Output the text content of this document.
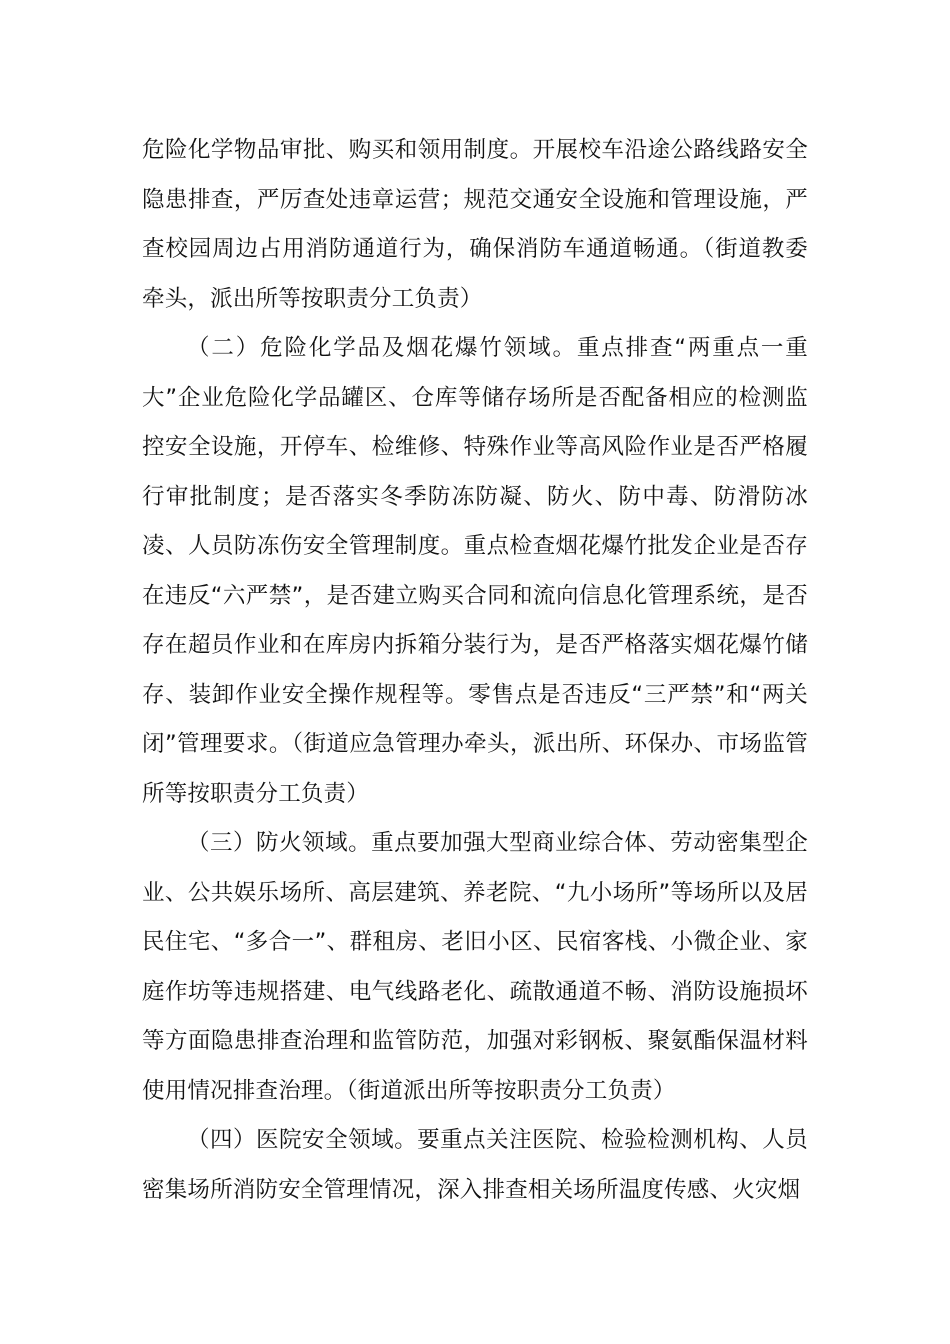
危险化学物品审批、购买和领用制度。开展校车沿途公路线路安全隐患排查，严厉查处违章运营；规范交通安全设施和管理设施，严查校园周边占用消防通道行为，确保消防车通道畅通。（街道教委牵头，派出所等按职责分工负责）

（二）危险化学品及烟花爆竹领域。重点排查“两重点一重大”企业危险化学品罐区、仓库等储存场所是否配备相应的检测监控安全设施，开停车、检维修、特殊作业等高风险作业是否严格履行审批制度；是否落实冬季防冻防凝、防火、防中毒、防滑防冰凌、人员防冻伤安全管理制度。重点检查烟花爆竹批发企业是否存在违反“六严禁”，是否建立购买合同和流向信息化管理系统，是否存在超员作业和在库房内拆箱分装行为，是否严格落实烟花爆竹储存、装卸作业安全操作规程等。零售点是否违反“三严禁”和“两关闭”管理要求。（街道应急管理办牵头，派出所、环保办、市场监管所等按职责分工负责）

（三）防火领域。重点要加强大型商业综合体、劳动密集型企业、公共娱乐场所、高层建筑、养老院、“九小场所”等场所以及居民住宅、“多合一”、群租房、老旧小区、民宿客栈、小微企业、家庭作坊等违规搭建、电气线路老化、疏散通道不畅、消防设施损坏等方面隐患排查治理和监管防范，加强对彩钢板、聚氨酯保温材料使用情况排查治理。（街道派出所等按职责分工负责）

（四）医院安全领域。要重点关注医院、检验检测机构、人员密集场所消防安全管理情况，深入排查相关场所温度传感、火灾烟
